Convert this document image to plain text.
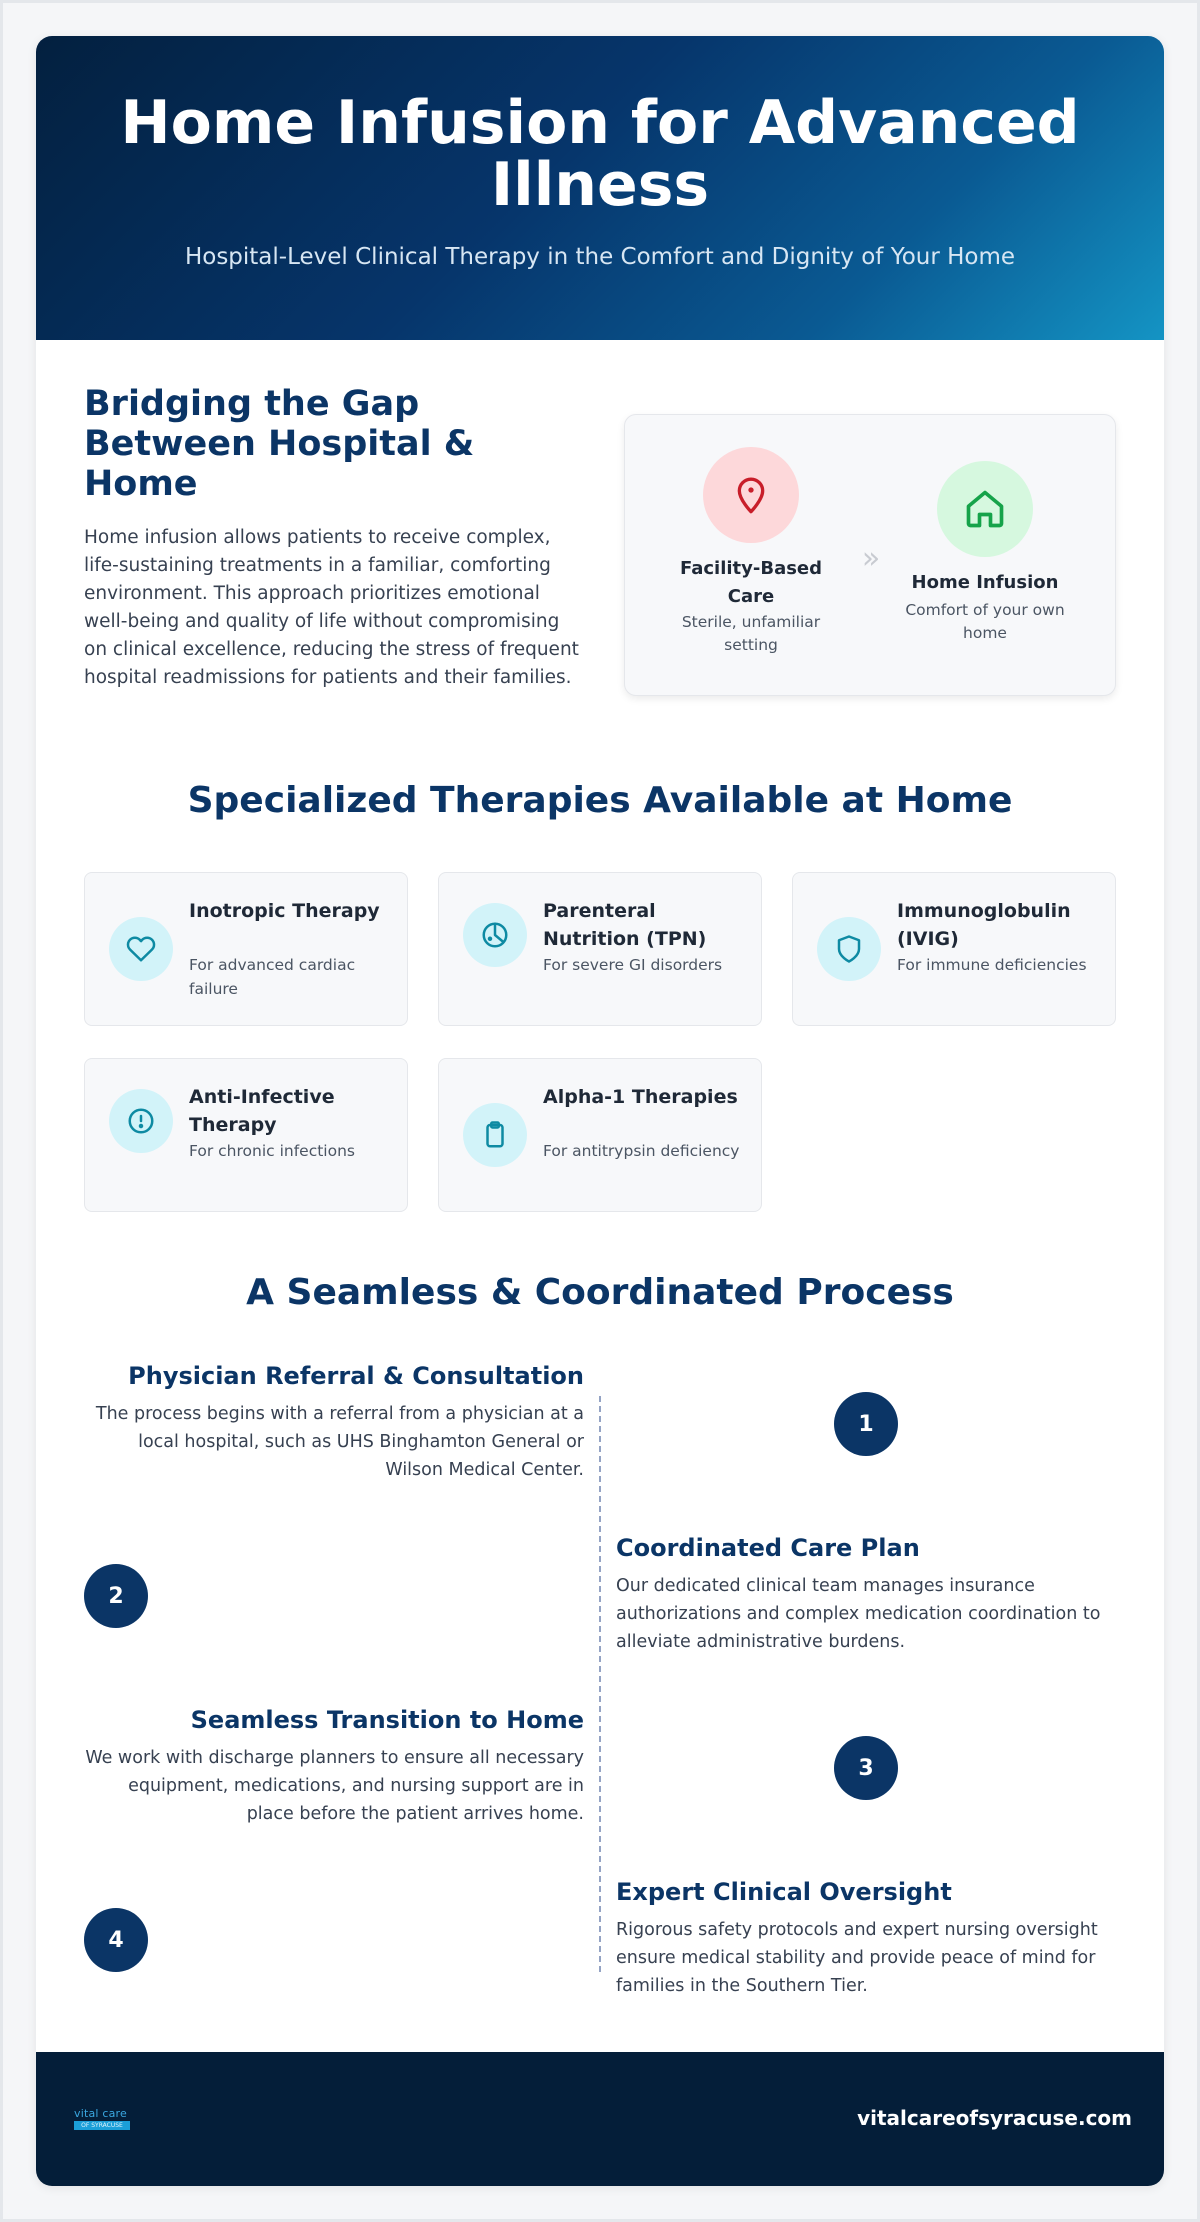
Home Infusion for Advanced Illness
Hospital-Level Clinical Therapy in the Comfort and Dignity of Your Home
Bridging the Gap Between Hospital & Home

Home infusion allows patients to receive complex, life-sustaining treatments in a familiar, comforting environment. This approach prioritizes emotional well-being and quality of life without compromising on clinical excellence, reducing the stress of frequent hospital readmissions for patients and their families.

Facility-Based Care
Sterile, unfamiliar setting
»
Home Infusion
Comfort of your own home
Specialized Therapies Available at Home
Inotropic Therapy
For advanced cardiac failure
Parenteral Nutrition (TPN)
For severe GI disorders
Immunoglobulin (IVIG)
For immune deficiencies
Anti-Infective Therapy
For chronic infections
Alpha-1 Therapies
For antitrypsin deficiency
A Seamless & Coordinated Process
Physician Referral & Consultation
The process begins with a referral from a physician at a local hospital, such as UHS Binghamton General or Wilson Medical Center.
1
2
Coordinated Care Plan
Our dedicated clinical team manages insurance authorizations and complex medication coordination to alleviate administrative burdens.
Seamless Transition to Home
We work with discharge planners to ensure all necessary equipment, medications, and nursing support are in place before the patient arrives home.
3
4
Expert Clinical Oversight
Rigorous safety protocols and expert nursing oversight ensure medical stability and provide peace of mind for families in the Southern Tier.
vital care
OF SYRACUSE	vitalcareofsyracuse.com
